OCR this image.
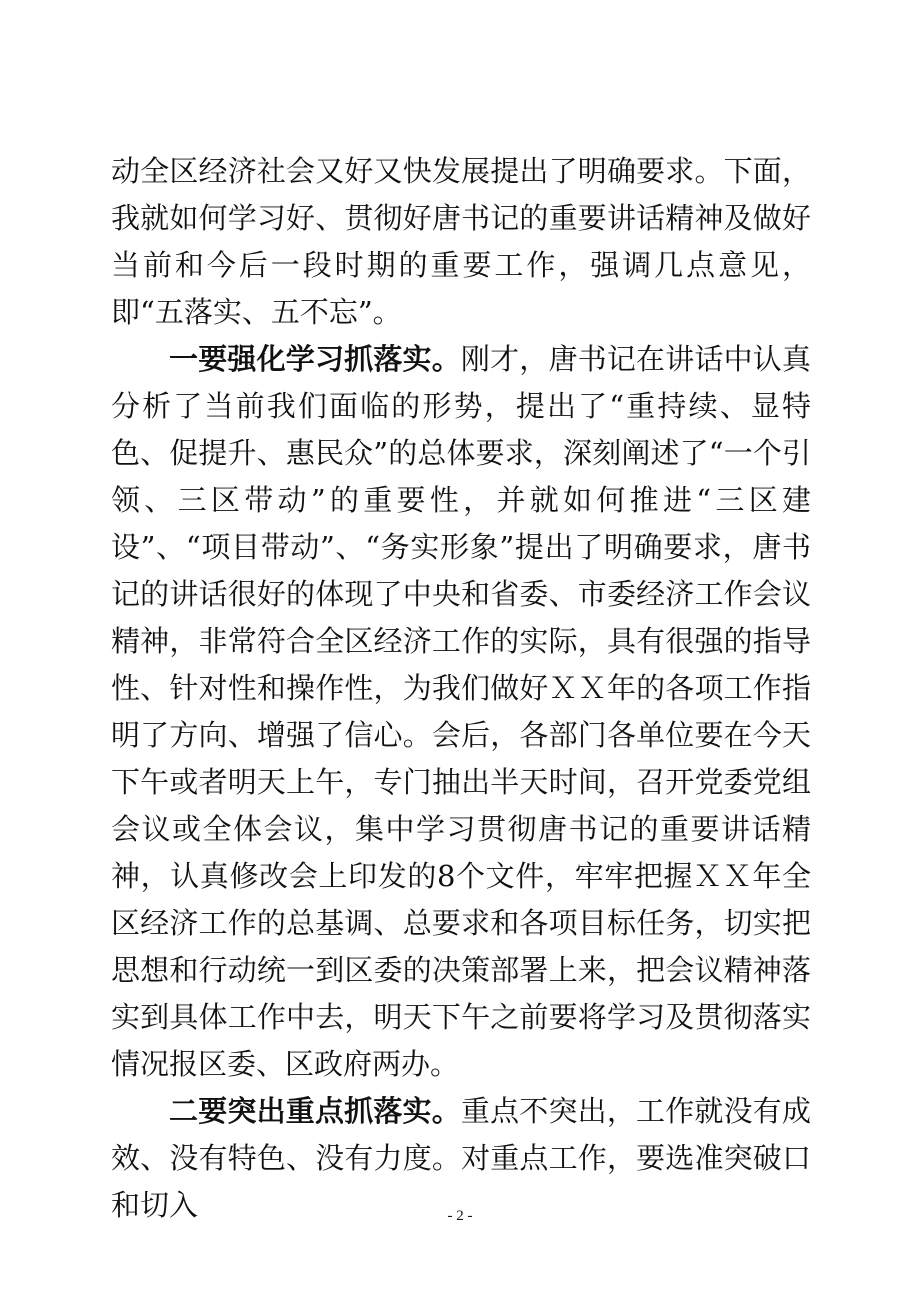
动全区经济社会又好又快发展提出了明确要求。下面，我就如何学习好、贯彻好唐书记的重要讲话精神及做好当前和今后一段时期的重要工作，强调几点意见，即“五落实、五不忘”。

一要强化学习抓落实。刚才，唐书记在讲话中认真分析了当前我们面临的形势，提出了“重持续、显特色、促提升、惠民众”的总体要求，深刻阐述了“一个引领、三区带动”的重要性，并就如何推进“三区建设”、“项目带动”、“务实形象”提出了明确要求，唐书记的讲话很好的体现了中央和省委、市委经济工作会议精神，非常符合全区经济工作的实际，具有很强的指导性、针对性和操作性，为我们做好ＸＸ年的各项工作指明了方向、增强了信心。会后，各部门各单位要在今天下午或者明天上午，专门抽出半天时间，召开党委党组会议或全体会议，集中学习贯彻唐书记的重要讲话精神，认真修改会上印发的8个文件，牢牢把握ＸＸ年全区经济工作的总基调、总要求和各项目标任务，切实把思想和行动统一到区委的决策部署上来，把会议精神落实到具体工作中去，明天下午之前要将学习及贯彻落实情况报区委、区政府两办。

二要突出重点抓落实。重点不突出，工作就没有成效、没有特色、没有力度。对重点工作，要选准突破口和切入	- 2 -
